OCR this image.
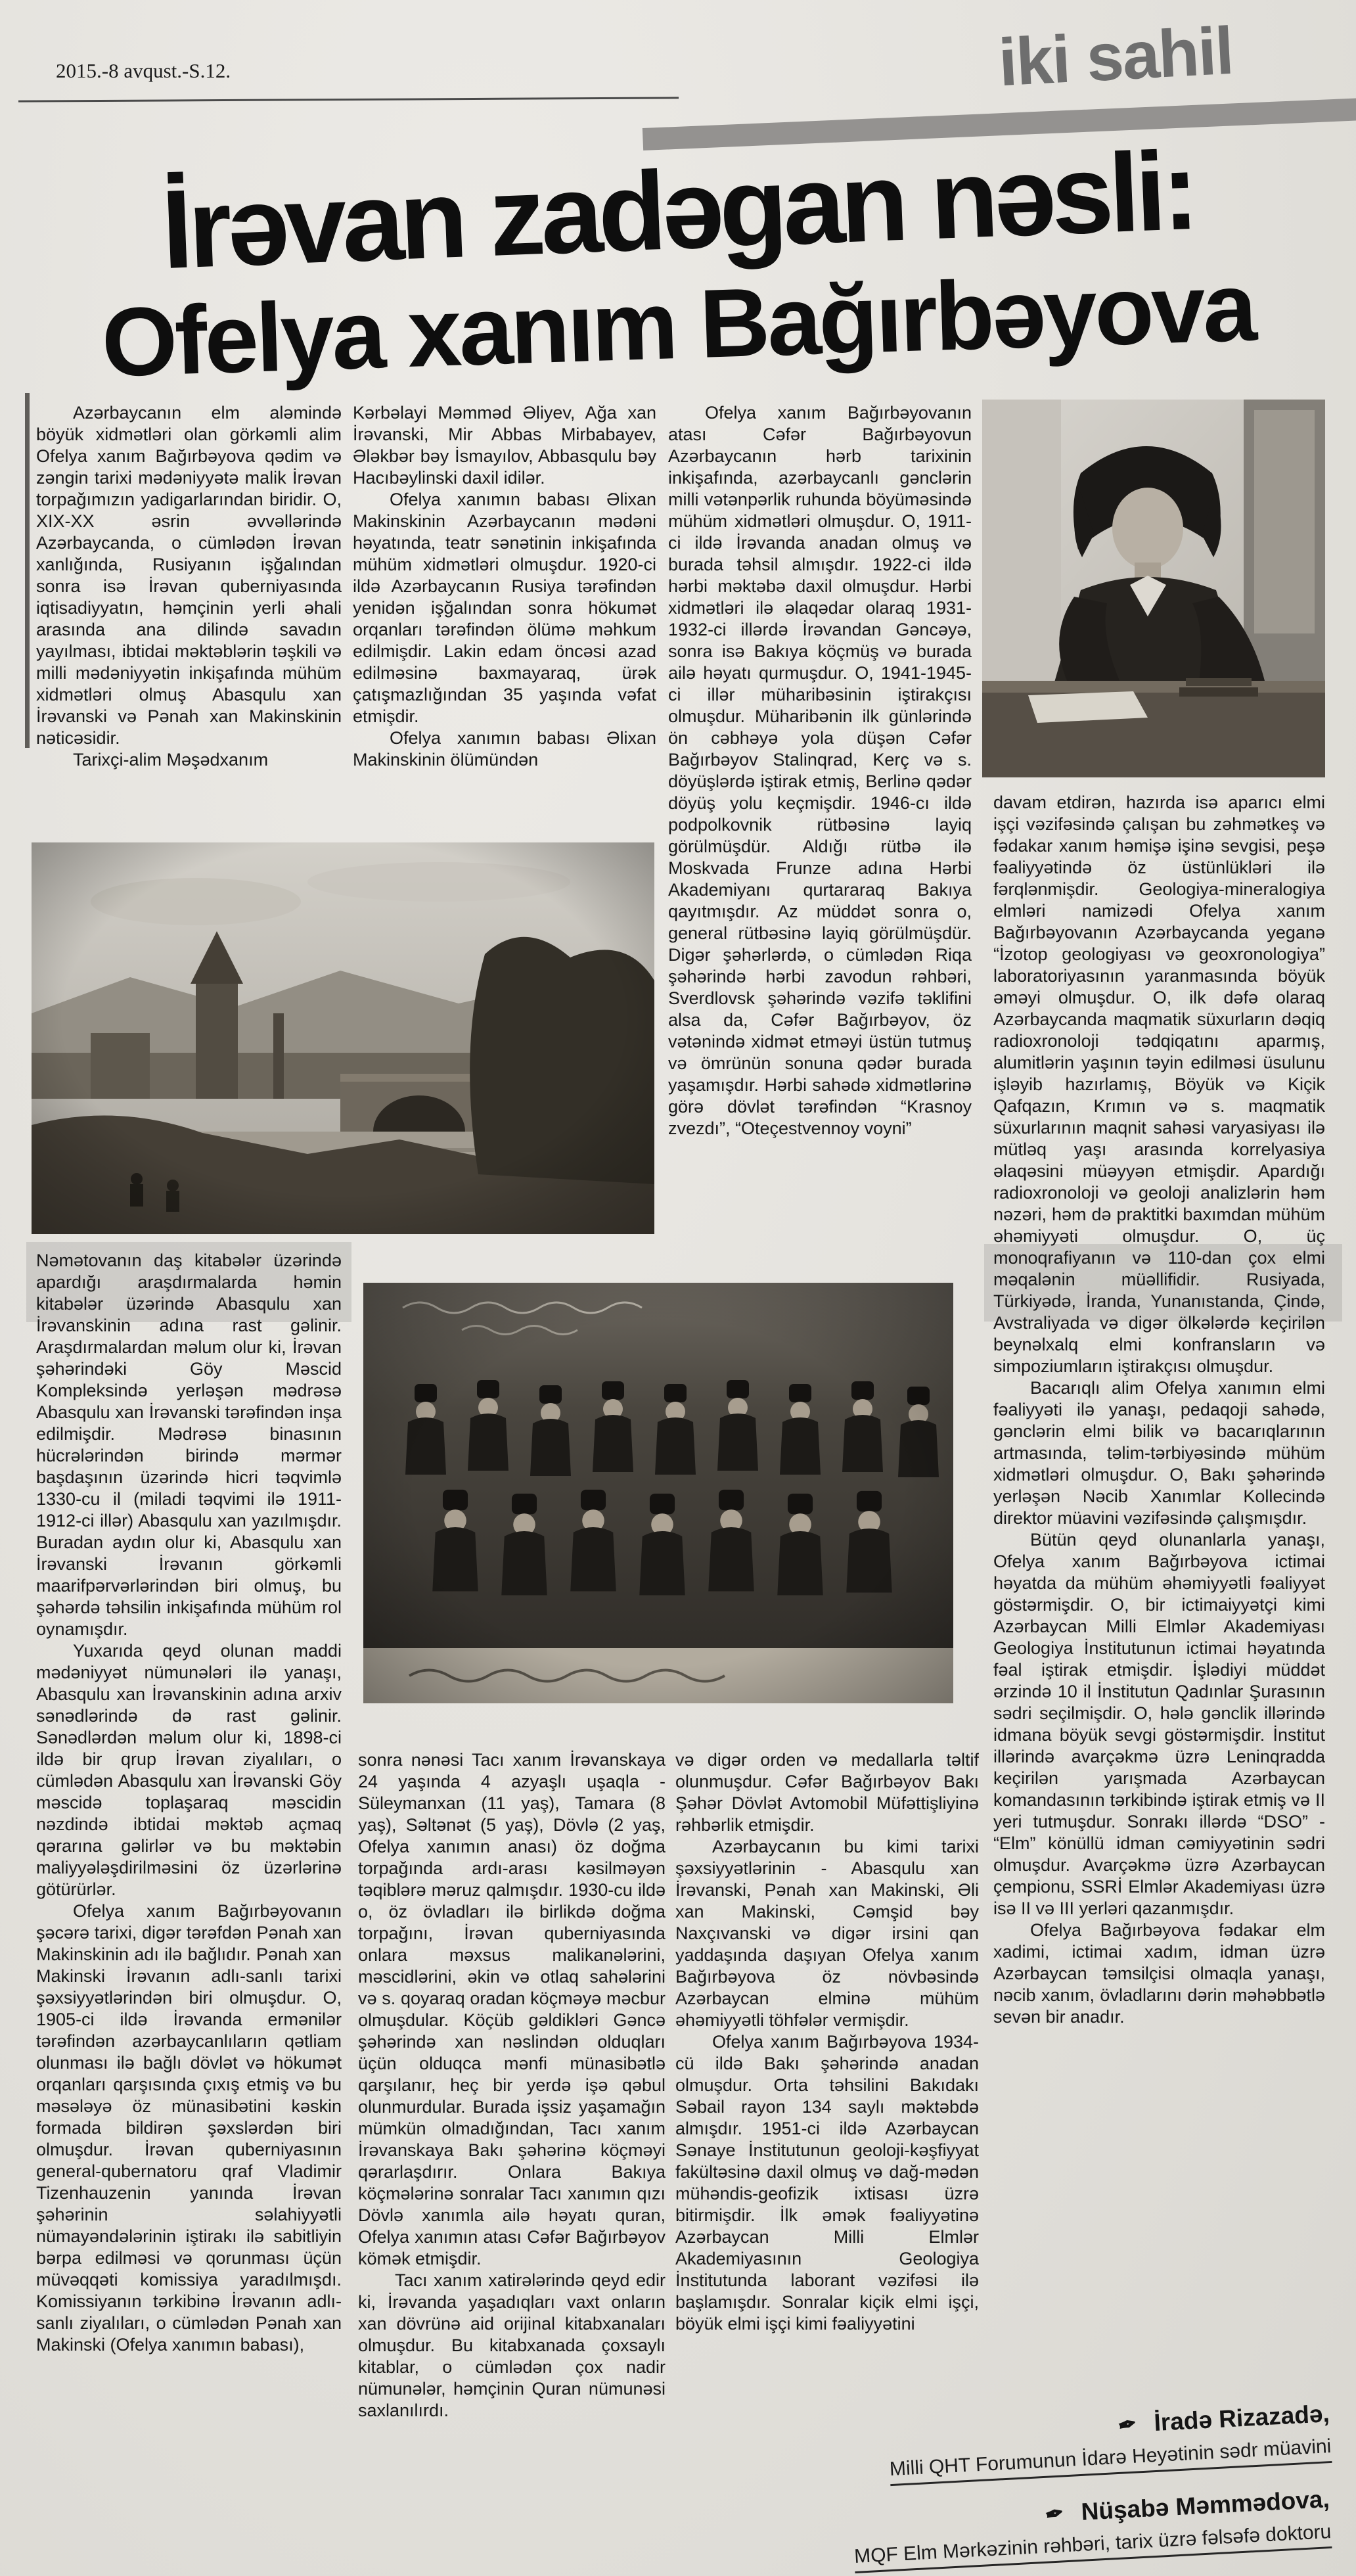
2015.-8 avqust.-S.12.	iki sahil
İrəvan zadəgan nəsli:
Ofelya xanım Bağırbəyova

Azərbaycanın elm aləmində böyük xidmətləri olan görkəmli alim Ofelya xanım Bağırbəyova qədim və zəngin tarixi mədəniyyətə malik İrəvan torpağımızın yadigarlarından biridir. O, XIX-XX əsrin əvvəllərində Azərbaycanda, o cümlədən İrəvan xanlığında, Rusiyanın işğalından sonra isə İrəvan quberniyasında iqtisadiyyatın, həmçinin yerli əhali arasında ana dilində savadın yayılması, ibtidai məktəblərin təşkili və milli mədəniyyətin inkişafında mühüm xidmətləri olmuş Abasqulu xan İrəvanski və Pənah xan Makinskinin nəticəsidir.

Tarixçi-alim Məşədxanım

Kərbəlayi Məmməd Əliyev, Ağa xan İrəvanski, Mir Abbas Mirbabayev, Ələkbər bəy İsmayılov, Abbasqulu bəy Hacıbəylinski daxil idilər.

Ofelya xanımın babası Əlixan Makinskinin Azərbaycanın mədəni həyatında, teatr sənətinin inkişafında mühüm xidmətləri olmuşdur. 1920-ci ildə Azərbaycanın Rusiya tərəfindən yenidən işğalından sonra hökumət orqanları tərəfindən ölümə məhkum edilmişdir. Lakin edam öncəsi azad edilməsinə baxmayaraq, ürək çatışmazlığından 35 yaşında vəfat etmişdir.

Ofelya xanımın babası Əlixan Makinskinin ölümündən

Ofelya xanım Bağırbəyovanın atası Cəfər Bağırbəyovun Azərbaycanın hərb tarixinin inkişafında, azərbaycanlı gənclərin milli vətənpərlik ruhunda böyüməsində mühüm xidmətləri olmuşdur. O, 1911-ci ildə İrəvanda anadan olmuş və burada təhsil almışdır. 1922-ci ildə hərbi məktəbə daxil olmuşdur. Hərbi xidmətləri ilə əlaqədar olaraq 1931-1932-ci illərdə İrəvandan Gəncəyə, sonra isə Bakıya köçmüş və burada ailə həyatı qurmuşdur. O, 1941-1945-ci illər müharibəsinin iştirakçısı olmuşdur. Müharibənin ilk günlərində ön cəbhəyə yola düşən Cəfər Bağırbəyov Stalinqrad, Kerç və s. döyüşlərdə iştirak etmiş, Berlinə qədər döyüş yolu keçmişdir. 1946-cı ildə podpolkovnik rütbəsinə layiq görülmüşdür. Aldığı rütbə ilə Moskvada Frunze adına Hərbi Akademiyanı qurtararaq Bakıya qayıtmışdır. Az müddət sonra o, general rütbəsinə layiq görülmüşdür. Digər şəhərlərdə, o cümlədən Riqa şəhərində hərbi zavodun rəhbəri, Sverdlovsk şəhərində vəzifə təklifini alsa da, Cəfər Bağırbəyov, öz vətənində xidmət etməyi üstün tutmuş və ömrünün sonuna qədər burada yaşamışdır. Hərbi sahədə xidmətlərinə görə dövlət tərəfindən “Krasnoy zvezdı”, “Oteçestvennoy voyni”

davam etdirən, hazırda isə aparıcı elmi işçi vəzifəsində çalışan bu zəhmətkeş və fədakar xanım həmişə işinə sevgisi, peşə fəaliyyətində öz üstünlükləri ilə fərqlənmişdir. Geologiya-mineralogiya elmləri namizədi Ofelya xanım Bağırbəyovanın Azərbaycanda yeganə “İzotop geologiyası və geoxronologiya” laboratoriyasının yaranmasında böyük əməyi olmuşdur. O, ilk dəfə olaraq Azərbaycanda maqmatik süxurların dəqiq radioxronoloji tədqiqatını aparmış, alumitlərin yaşının təyin edilməsi üsulunu işləyib hazırlamış, Böyük və Kiçik Qafqazın, Krımın və s. maqmatik süxurlarının maqnit sahəsi varyasiyası ilə mütləq yaşı arasında korrelyasiya əlaqəsini müəyyən etmişdir. Apardığı radioxronoloji və geoloji analizlərin həm nəzəri, həm də praktitki baxımdan mühüm əhəmiyyəti olmuşdur. O, üç monoqrafiyanın və 110-dan çox elmi məqalənin müəllifidir. Rusiyada, Türkiyədə, İranda, Yunanıstanda, Çində, Avstraliyada və digər ölkələrdə keçirilən beynəlxalq elmi konfransların və simpoziumların iştirakçısı olmuşdur.

Bacarıqlı alim Ofelya xanımın elmi fəaliyyəti ilə yanaşı, pedaqoji sahədə, gənclərin elmi bilik və bacarıqlarının artmasında, təlim-tərbiyəsində mühüm xidmətləri olmuşdur. O, Bakı şəhərində yerləşən Nəcib Xanımlar Kollecində direktor müavini vəzifəsində çalışmışdır.

Bütün qeyd olunanlarla yanaşı, Ofelya xanım Bağırbəyova ictimai həyatda da mühüm əhəmiyyətli fəaliyyət göstərmişdir. O, bir ictimaiyyətçi kimi Azərbaycan Milli Elmlər Akademiyası Geologiya İnstitutunun ictimai həyatında fəal iştirak etmişdir. İşlədiyi müddət ərzində 10 il İnstitutun Qadınlar Şurasının sədri seçilmişdir. O, hələ gənclik illərində idmana böyük sevgi göstərmişdir. İnstitut illərində avarçəkmə üzrə Leninqradda keçirilən yarışmada Azərbaycan komandasının tərkibində iştirak etmiş və II yeri tutmuşdur. Sonrakı illərdə “DSO” - “Elm” könüllü idman cəmiyyətinin sədri olmuşdur. Avarçəkmə üzrə Azərbaycan çempionu, SSRİ Elmlər Akademiyası üzrə isə II və III yerləri qazanmışdır.

Ofelya Bağırbəyova fədakar elm xadimi, ictimai xadım, idman üzrə Azərbaycan təmsilçisi olmaqla yanaşı, nəcib xanım, övladlarını dərin məhəbbətlə sevən bir anadır.

Nəmətovanın daş kitabələr üzərində apardığı araşdırmalarda həmin kitabələr üzərində Abasqulu xan İrəvanskinin adına rast gəlinir. Araşdırmalardan məlum olur ki, İrəvan şəhərindəki Göy Məscid Kompleksində yerləşən mədrəsə Abasqulu xan İrəvanski tərəfindən inşa edilmişdir. Mədrəsə binasının hücrələrindən birində mərmər başdaşının üzərində hicri təqvimlə 1330-cu il (miladi təqvimi ilə 1911-1912-ci illər) Abasqulu xan yazılmışdır. Buradan aydın olur ki, Abasqulu xan İrəvanski İrəvanın görkəmli maarifpərvərlərindən biri olmuş, bu şəhərdə təhsilin inkişafında mühüm rol oynamışdır.

Yuxarıda qeyd olunan maddi mədəniyyət nümunələri ilə yanaşı, Abasqulu xan İrəvanskinin adına arxiv sənədlərində də rast gəlinir. Sənədlərdən məlum olur ki, 1898-ci ildə bir qrup İrəvan ziyalıları, o cümlədən Abasqulu xan İrəvanski Göy məscidə toplaşaraq məscidin nəzdində ibtidai məktəb açmaq qərarına gəlirlər və bu məktəbin maliyyələşdirilməsini öz üzərlərinə götürürlər.

Ofelya xanım Bağırbəyovanın şəcərə tarixi, digər tərəfdən Pənah xan Makinskinin adı ilə bağlıdır. Pənah xan Makinski İrəvanın adlı-sanlı tarixi şəxsiyyətlərindən biri olmuşdur. O, 1905-ci ildə İrəvanda ermənilər tərəfindən azərbaycanlıların qətliam olunması ilə bağlı dövlət və hökumət orqanları qarşısında çıxış etmiş və bu məsələyə öz münasibətini kəskin formada bildirən şəxslərdən biri olmuşdur. İrəvan quberniyasının general-qubernatoru qraf Vladimir Tizenhauzenin yanında İrəvan şəhərinin səlahiyyətli nümayəndələrinin iştirakı ilə sabitliyin bərpa edilməsi və qorunması üçün müvəqqəti komissiya yaradılmışdı. Komissiyanın tərkibinə İrəvanın adlı-sanlı ziyalıları, o cümlədən Pənah xan Makinski (Ofelya xanımın babası),

sonra nənəsi Tacı xanım İrəvanskaya 24 yaşında 4 azyaşlı uşaqla - Süleymanxan (11 yaş), Tamara (8 yaş), Səltənət (5 yaş), Dövlə (2 yaş, Ofelya xanımın anası) öz doğma torpağında ardı-arası kəsilməyən təqiblərə məruz qalmışdır. 1930-cu ildə o, öz övladları ilə birlikdə doğma torpağını, İrəvan quberniyasında onlara məxsus malikanələrini, məscidlərini, əkin və otlaq sahələrini və s. qoyaraq oradan köçməyə məcbur olmuşdular. Köçüb gəldikləri Gəncə şəhərində xan nəslindən olduqları üçün olduqca mənfi münasibətlə qarşılanır, heç bir yerdə işə qəbul olunmurdular. Burada işsiz yaşamağın mümkün olmadığından, Tacı xanım İrəvanskaya Bakı şəhərinə köçməyi qərarlaşdırır. Onlara Bakıya köçmələrinə sonralar Tacı xanımın qızı Dövlə xanımla ailə həyatı quran, Ofelya xanımın atası Cəfər Bağırbəyov kömək etmişdir.

Tacı xanım xatirələrində qeyd edir ki, İrəvanda yaşadıqları vaxt onların xan dövrünə aid orijinal kitabxanaları olmuşdur. Bu kitabxanada çoxsaylı kitablar, o cümlədən çox nadir nümunələr, həmçinin Quran nümunəsi saxlanılırdı.

və digər orden və medallarla təltif olunmuşdur. Cəfər Bağırbəyov Bakı Şəhər Dövlət Avtomobil Müfəttişliyinə rəhbərlik etmişdir.

Azərbaycanın bu kimi tarixi şəxsiyyətlərinin - Abasqulu xan İrəvanski, Pənah xan Makinski, Əli xan Makinski, Cəmşid bəy Naxçıvanski və digər irsini qan yaddaşında daşıyan Ofelya xanım Bağırbəyova öz növbəsində Azərbaycan elminə mühüm əhəmiyyətli töhfələr vermişdir.

Ofelya xanım Bağırbəyova 1934-cü ildə Bakı şəhərində anadan olmuşdur. Orta təhsilini Bakıdakı Səbail rayon 134 saylı məktəbdə almışdır. 1951-ci ildə Azərbaycan Sənaye İnstitutunun geoloji-kəşfiyyat fakültəsinə daxil olmuş və dağ-mədən mühəndis-geofizik ixtisası üzrə bitirmişdir. İlk əmək fəaliyyətinə Azərbaycan Milli Elmlər Akademiyasının Geologiya İnstitutunda laborant vəzifəsi ilə başlamışdır. Sonralar kiçik elmi işçi, böyük elmi işçi kimi fəaliyyətini

✒ İradə Rizazadə,
Milli QHT Forumunun İdarə Heyətinin sədr müavini
✒ Nüşabə Məmmədova,
MQF Elm Mərkəzinin rəhbəri, tarix üzrə fəlsəfə doktoru
